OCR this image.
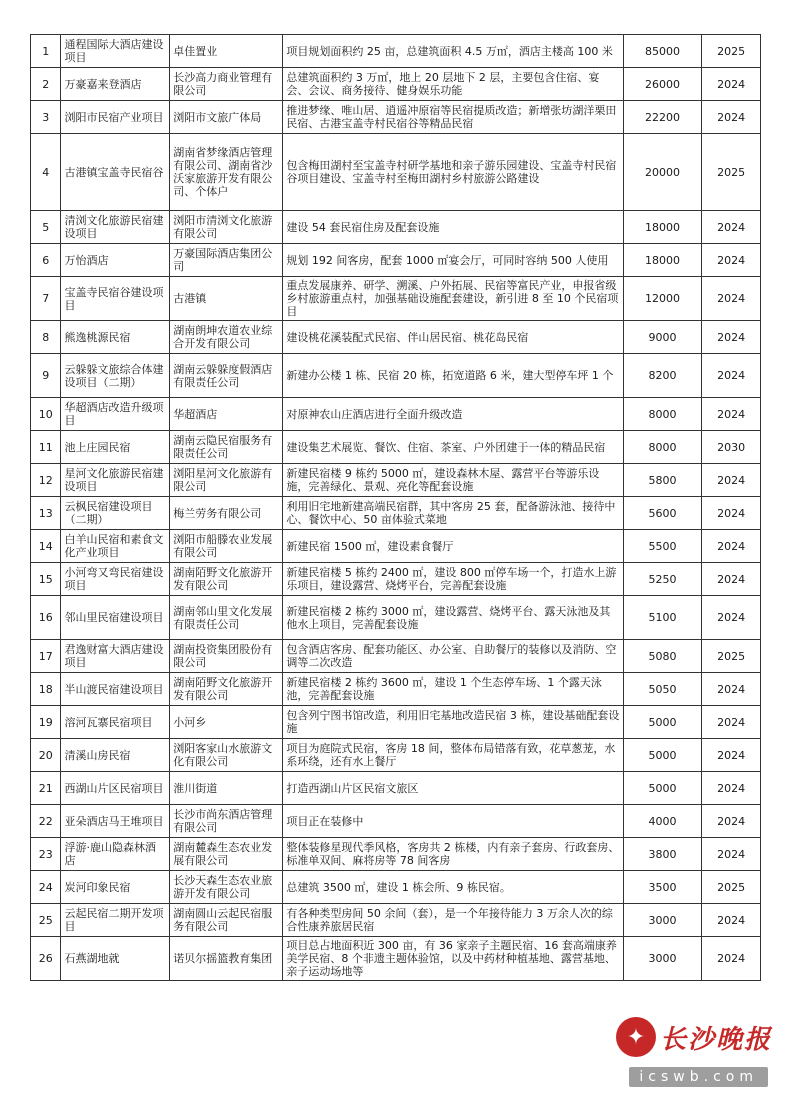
1	通程国际大酒店建设项目	卓佳置业	项目规划面积约 25 亩，总建筑面积 4.5 万㎡，酒店主楼高 100 米	85000	2025
2	万豪嘉来登酒店	长沙高力商业管理有限公司	总建筑面积约 3 万㎡，地上 20 层地下 2 层，主要包含住宿、宴会、会议、商务接待、健身娱乐功能	26000	2024
3	浏阳市民宿产业项目	浏阳市文旅广体局	推进梦缘、唯山居、逍遥冲原宿等民宿提质改造；新增张坊湖洋栗田民宿、古港宝盖寺村民宿谷等精品民宿	22200	2024
4	古港镇宝盖寺民宿谷	湖南省梦缘酒店管理有限公司、湖南省沙沃家旅游开发有限公司、个体户	包含梅田湖村至宝盖寺村研学基地和亲子游乐园建设、宝盖寺村民宿谷项目建设、宝盖寺村至梅田湖村乡村旅游公路建设	20000	2025
5	清浏文化旅游民宿建设项目	浏阳市清浏文化旅游有限公司	建设 54 套民宿住房及配套设施	18000	2024
6	万怡酒店	万豪国际酒店集团公司	规划 192 间客房，配套 1000 ㎡宴会厅，可同时容纳 500 人使用	18000	2024
7	宝盖寺民宿谷建设项目	古港镇	重点发展康养、研学、溯溪、户外拓展、民宿等富民产业，申报省级乡村旅游重点村，加强基础设施配套建设，新引进 8 至 10 个民宿项目	12000	2024
8	熊逸桃源民宿	湖南朗坤农道农业综合开发有限公司	建设桃花溪装配式民宿、伴山居民宿、桃花岛民宿	9000	2024
9	云躲躲文旅综合体建设项目（二期）	湖南云躲躲度假酒店有限责任公司	新建办公楼 1 栋、民宿 20 栋，拓宽道路 6 米，建大型停车坪 1 个	8200	2024
10	华超酒店改造升级项目	华超酒店	对原神农山庄酒店进行全面升级改造	8000	2024
11	池上庄园民宿	湖南云隐民宿服务有限责任公司	建设集艺术展览、餐饮、住宿、茶室、户外团建于一体的精品民宿	8000	2030
12	星河文化旅游民宿建设项目	浏阳星河文化旅游有限公司	新建民宿楼 9 栋约 5000 ㎡，建设森林木屋、露营平台等游乐设施，完善绿化、景观、亮化等配套设施	5800	2024
13	云枫民宿建设项目（二期）	梅兰劳务有限公司	利用旧宅地新建高端民宿群，其中客房 25 套，配备游泳池、接待中心、餐饮中心、50 亩体验式菜地	5600	2024
14	白羊山民宿和素食文化产业项目	浏阳市船滕农业发展有限公司	新建民宿 1500 ㎡，建设素食餐厅	5500	2024
15	小河弯又弯民宿建设项目	湖南陌野文化旅游开发有限公司	新建民宿楼 5 栋约 2400 ㎡，建设 800 ㎡停车场一个，打造水上游乐项目，建设露营、烧烤平台，完善配套设施	5250	2024
16	邻山里民宿建设项目	湖南邻山里文化发展有限责任公司	新建民宿楼 2 栋约 3000 ㎡，建设露营、烧烤平台、露天泳池及其他水上项目，完善配套设施	5100	2024
17	君逸财富大酒店建设项目	湖南投资集团股份有限公司	包含酒店客房、配套功能区、办公室、自助餐厅的装修以及消防、空调等二次改造	5080	2025
18	半山渡民宿建设项目	湖南陌野文化旅游开发有限公司	新建民宿楼 2 栋约 3600 ㎡，建设 1 个生态停车场、1 个露天泳池，完善配套设施	5050	2024
19	溶河瓦寨民宿项目	小河乡	包含列宁图书馆改造，利用旧宅基地改造民宿 3 栋，建设基础配套设施	5000	2024
20	清溪山房民宿	浏阳客家山水旅游文化有限公司	项目为庭院式民宿，客房 18 间，整体布局错落有致，花草葱茏，水系环绕，还有水上餐厅	5000	2024
21	西湖山片区民宿项目	淮川街道	打造西湖山片区民宿文旅区	5000	2024
22	亚朵酒店马王堆项目	长沙市尚东酒店管理有限公司	项目正在装修中	4000	2024
23	浮游·鹿山隐森林酒店	湖南麓森生态农业发展有限公司	整体装修星现代季风格，客房共 2 栋楼，内有亲子套房、行政套房、标准单双间、麻将房等 78 间客房	3800	2024
24	炭河印象民宿	长沙天森生态农业旅游开发有限公司	总建筑 3500 ㎡，建设 1 栋会所、9 栋民宿。	3500	2025
25	云起民宿二期开发项目	湖南圆山云起民宿服务有限公司	有各种类型房间 50 余间（套），是一个年接待能力 3 万余人次的综合性康养旅居民宿	3000	2024
26	石燕湖地就	诺贝尔摇篮教育集团	项目总占地面积近 300 亩，有 36 家亲子主题民宿、16 套高端康养美学民宿、8 个非遗主题体验馆，以及中药材种植基地、露营基地、亲子运动场地等	3000	2024
✦ 长沙晚报
icswb.com
